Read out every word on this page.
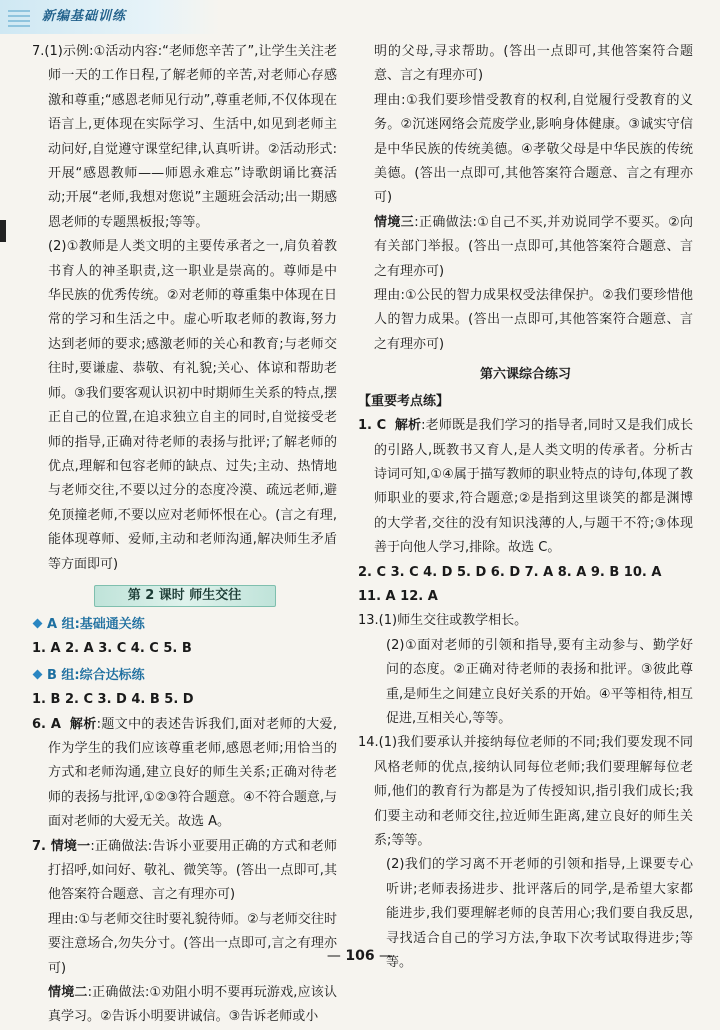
新编基础训练

7.(1)示例:①活动内容:“老师您辛苦了”,让学生关注老师一天的工作日程,了解老师的辛苦,对老师心存感激和尊重;“感恩老师见行动”,尊重老师,不仅体现在语言上,更体现在实际学习、生活中,如见到老师主动问好,自觉遵守课堂纪律,认真听讲。②活动形式:开展“感恩教师——师恩永难忘”诗歌朗诵比赛活动;开展“老师,我想对您说”主题班会活动;出一期感恩老师的专题黑板报;等等。

(2)①教师是人类文明的主要传承者之一,肩负着教书育人的神圣职责,这一职业是崇高的。尊师是中华民族的优秀传统。②对老师的尊重集中体现在日常的学习和生活之中。虚心听取老师的教诲,努力达到老师的要求;感激老师的关心和教育;与老师交往时,要谦虚、恭敬、有礼貌;关心、体谅和帮助老师。③我们要客观认识初中时期师生关系的特点,摆正自己的位置,在追求独立自主的同时,自觉接受老师的指导,正确对待老师的表扬与批评;了解老师的优点,理解和包容老师的缺点、过失;主动、热情地与老师交往,不要以过分的态度冷漠、疏远老师,避免顶撞老师,不要以应对老师怀恨在心。(言之有理,能体现尊师、爱师,主动和老师沟通,解决师生矛盾等方面即可)

第 2 课时 师生交往

A 组:基础通关练

1. A 2. A 3. C 4. C 5. B

B 组:综合达标练

1. B 2. C 3. D 4. B 5. D

6. A 解析:题文中的表述告诉我们,面对老师的大爱,作为学生的我们应该尊重老师,感恩老师;用恰当的方式和老师沟通,建立良好的师生关系;正确对待老师的表扬与批评,①②③符合题意。④不符合题意,与面对老师的大爱无关。故选 A。

7. 情境一:正确做法:告诉小亚要用正确的方式和老师打招呼,如问好、敬礼、微笑等。(答出一点即可,其他答案符合题意、言之有理亦可)

理由:①与老师交往时要礼貌待师。②与老师交往时要注意场合,勿失分寸。(答出一点即可,言之有理亦可)

情境二:正确做法:①劝阻小明不要再玩游戏,应该认真学习。②告诉小明要讲诚信。③告诉老师或小

明的父母,寻求帮助。(答出一点即可,其他答案符合题意、言之有理亦可)

理由:①我们要珍惜受教育的权利,自觉履行受教育的义务。②沉迷网络会荒废学业,影响身体健康。③诚实守信是中华民族的传统美德。④孝敬父母是中华民族的传统美德。(答出一点即可,其他答案符合题意、言之有理亦可)

情境三:正确做法:①自己不买,并劝说同学不要买。②向有关部门举报。(答出一点即可,其他答案符合题意、言之有理亦可)

理由:①公民的智力成果权受法律保护。②我们要珍惜他人的智力成果。(答出一点即可,其他答案符合题意、言之有理亦可)

第六课综合练习

【重要考点练】

1. C 解析:老师既是我们学习的指导者,同时又是我们成长的引路人,既教书又育人,是人类文明的传承者。分析古诗词可知,①④属于描写教师的职业特点的诗句,体现了教师职业的要求,符合题意;②是指到这里谈笑的都是渊博的大学者,交往的没有知识浅薄的人,与题干不符;③体现善于向他人学习,排除。故选 C。

2. C 3. C 4. D 5. D 6. D 7. A 8. A 9. B 10. A

11. A 12. A

13.(1)师生交往或教学相长。

(2)①面对老师的引领和指导,要有主动参与、勤学好问的态度。②正确对待老师的表扬和批评。③彼此尊重,是师生之间建立良好关系的开始。④平等相待,相互促进,互相关心,等等。

14.(1)我们要承认并接纳每位老师的不同;我们要发现不同风格老师的优点,接纳认同每位老师;我们要理解每位老师,他们的教育行为都是为了传授知识,指引我们成长;我们要主动和老师交往,拉近师生距离,建立良好的师生关系;等等。

(2)我们的学习离不开老师的引领和指导,上课要专心听讲;老师表扬进步、批评落后的同学,是希望大家都能进步,我们要理解老师的良苦用心;我们要自我反思,寻找适合自己的学习方法,争取下次考试取得进步;等等。

— 106 —
